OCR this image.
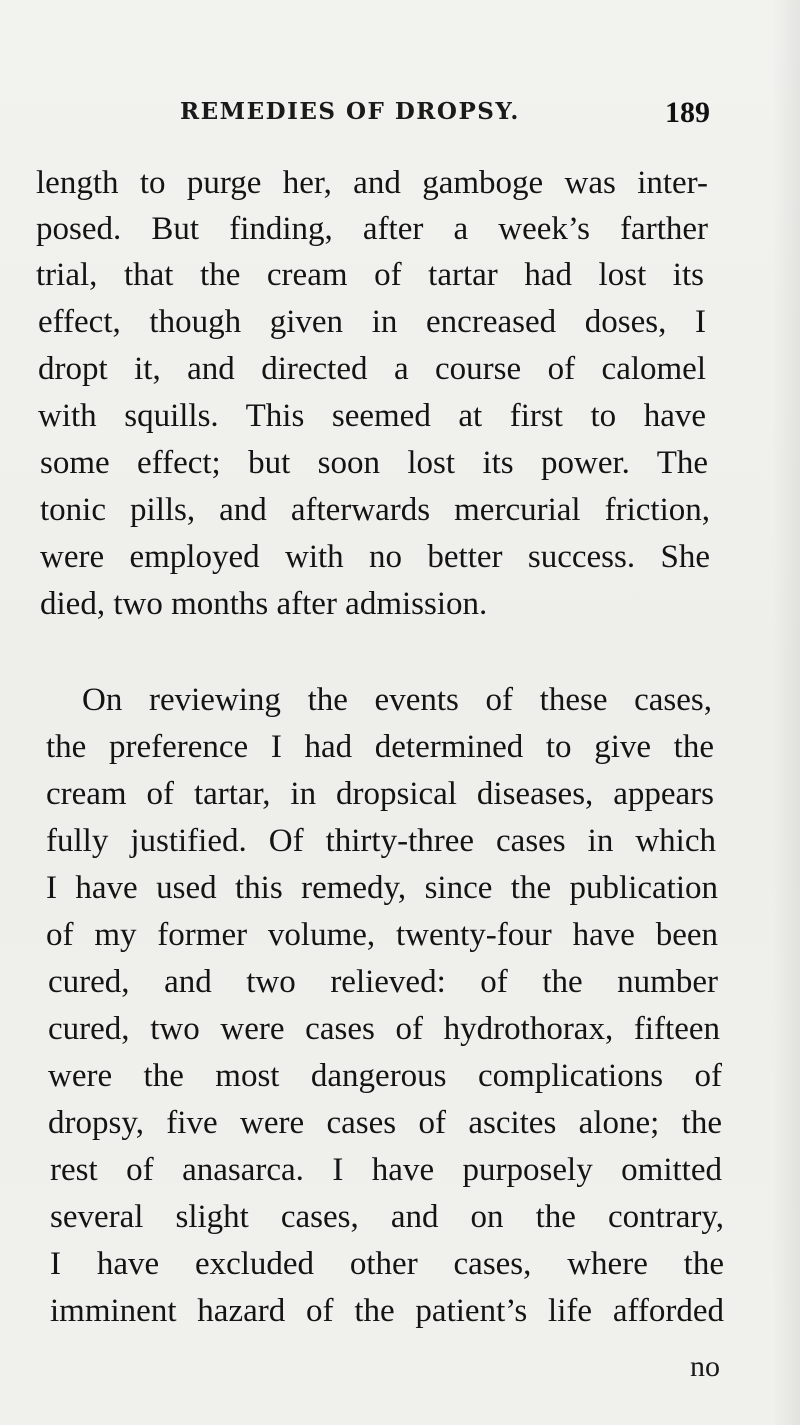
REMEDIES OF DROPSY.	189
length to purge her, and gamboge was inter-
posed. But finding, after a week’s farther
trial, that the cream of tartar had lost its
effect, though given in encreased doses, I
dropt it, and directed a course of calomel
with squills. This seemed at first to have
some effect; but soon lost its power. The
tonic pills, and afterwards mercurial friction,
were employed with no better success. She
died, two months after admission.
On reviewing the events of these cases,
the preference I had determined to give the
cream of tartar, in dropsical diseases, appears
fully justified. Of thirty-three cases in which
I have used this remedy, since the publication
of my former volume, twenty-four have been
cured, and two relieved: of the number
cured, two were cases of hydrothorax, fifteen
were the most dangerous complications of
dropsy, five were cases of ascites alone; the
rest of anasarca. I have purposely omitted
several slight cases, and on the contrary,
I have excluded other cases, where the
imminent hazard of the patient’s life afforded
no
